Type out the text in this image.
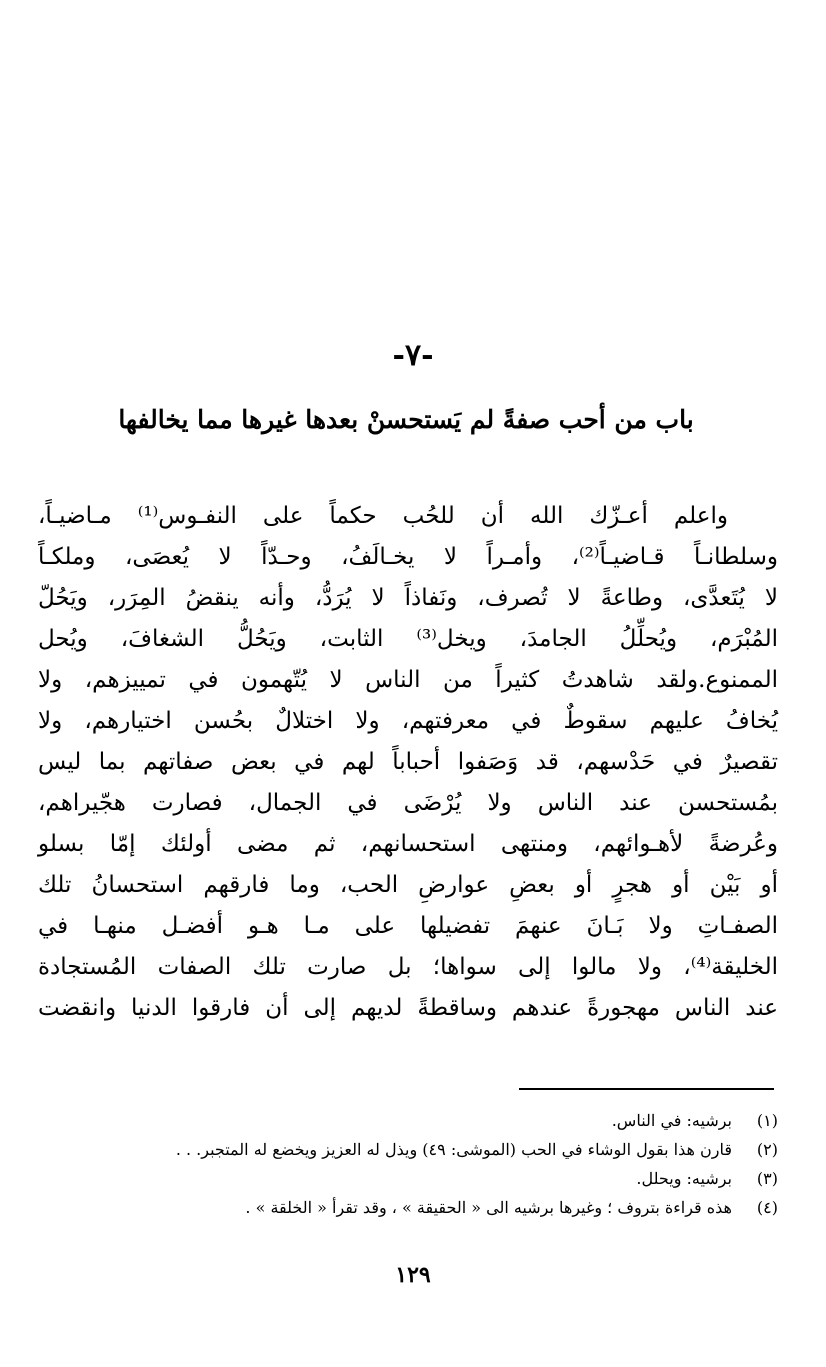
-٧-
باب من أحب صفةً لم يَستحسنْ بعدها غيرها مما يخالفها
واعلم أعـزّك الله أن للحُب حكماً على النفـوس⁽¹⁾ مـاضيـاً،
وسلطانـاً قـاضيـاً⁽²⁾، وأمـراً لا يخـالَفُ، وحـدّاً لا يُعصَى، وملكـاً
لا يُتَعدَّى، وطاعةً لا تُصرف، ونَفاذاً لا يُرَدُّ، وأنه ينقضُ المِرَر، ويَحُلّ
المُبْرَم، ويُحلِّلُ الجامدَ، ويخل⁽³⁾ الثابت، ويَحُلُّ الشغافَ، ويُحل
الممنوع.ولقد شاهدتُ كثيراً من الناس لا يُتّهمون في تمييزهم، ولا
يُخافُ عليهم سقوطٌ في معرفتهم، ولا اختلالٌ بحُسن اختيارهم، ولا
تقصيرٌ في حَدْسهم، قد وَصَفوا أحباباً لهم في بعض صفاتهم بما ليس
بمُستحسن عند الناس ولا يُرْضَى في الجمال، فصارت هجّيراهم،
وعُرضةً لأهـوائهم، ومنتهى استحسانهم، ثم مضى أولئك إمّا بسلو
أو بَيْن أو هجرٍ أو بعضِ عوارضِ الحب، وما فارقهم استحسانُ تلك
الصفـاتِ ولا بَـانَ عنهمَ تفضيلها على مـا هـو أفضـل منهـا في
الخليقة⁽⁴⁾، ولا مالوا إلى سواها؛ بل صارت تلك الصفات المُستجادة
عند الناس مهجورةً عندهم وساقطةً لديهم إلى أن فارقوا الدنيا وانقضت
(١)
برشيه: في الناس.
(٢)
قارن هذا بقول الوشاء في الحب (الموشى: ٤٩) ويذل له العزيز ويخضع له المتجبر. . .
(٣)
برشيه: ويحلل.
(٤)
هذه قراءة بتروف ؛ وغيرها برشيه الى « الحقيقة » ، وقد تقرأ « الخلقة » .
١٢٩
